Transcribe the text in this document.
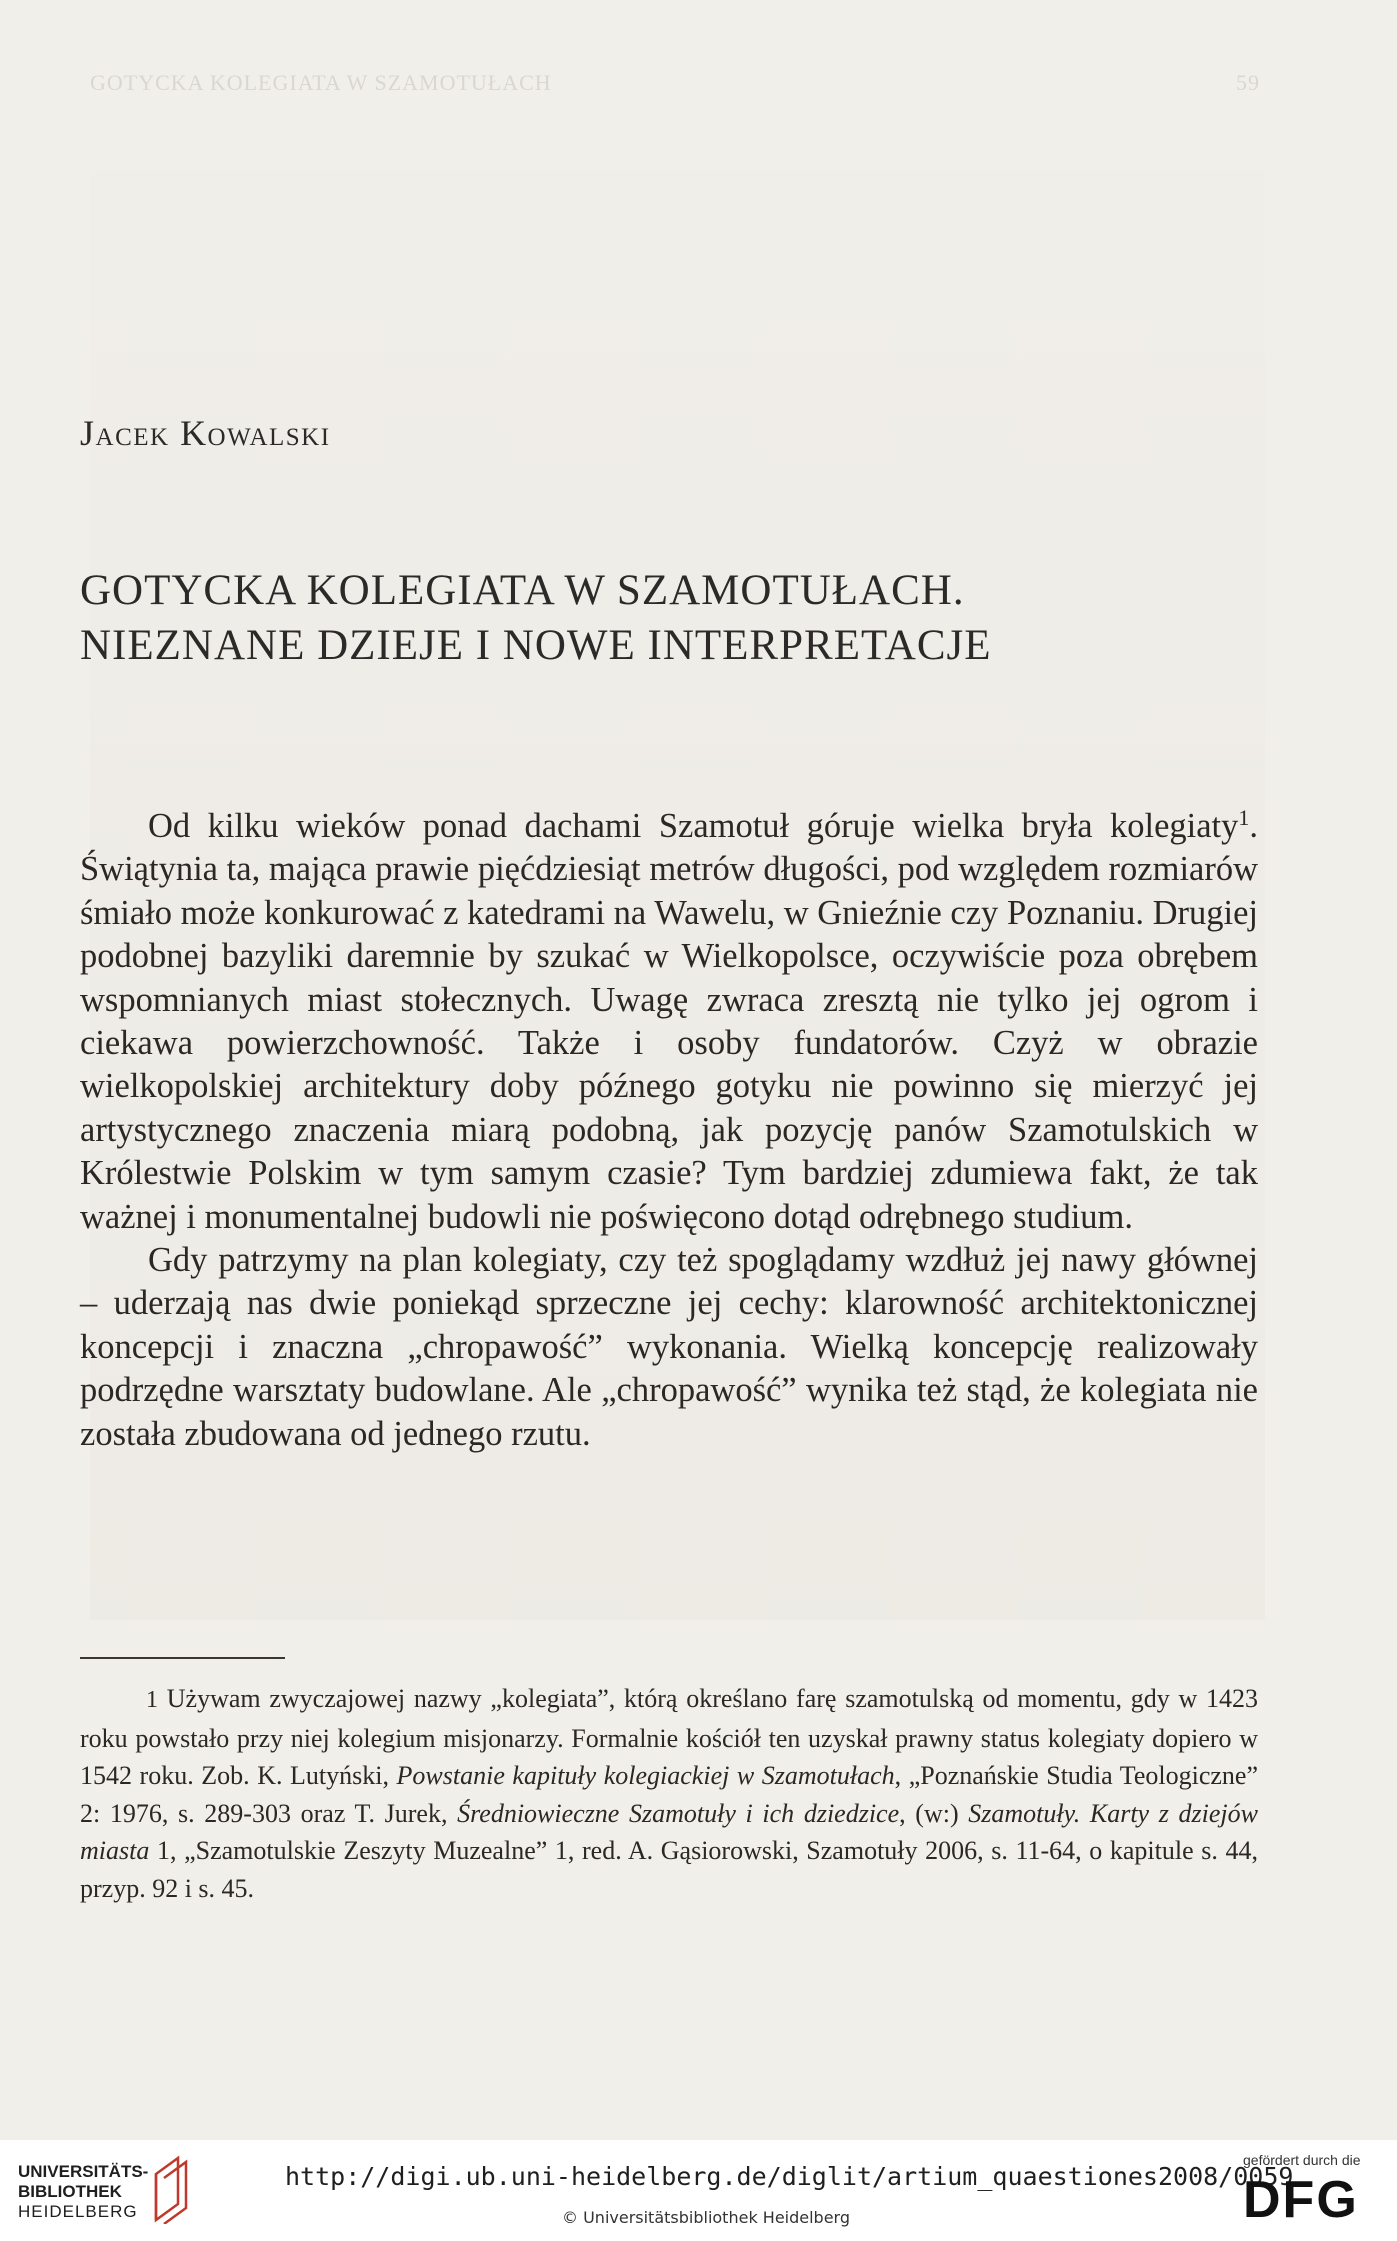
GOTYCKA KOLEGIATA W SZAMOTUŁACH	59
Jacek Kowalski
GOTYCKA KOLEGIATA W SZAMOTUŁACH.
NIEZNANE DZIEJE I NOWE INTERPRETACJE

Od kilku wieków ponad dachami Szamotuł góruje wielka bryła kolegiaty$^1$. Świątynia ta, mająca prawie pięćdziesiąt metrów długości, pod względem rozmiarów śmiało może konkurować z katedrami na Wawelu, w Gnieźnie czy Poznaniu. Drugiej podobnej bazyliki daremnie by szukać w Wielkopolsce, oczywiście poza obrębem wspomnianych miast stołecznych. Uwagę zwraca zresztą nie tylko jej ogrom i ciekawa powierzchowność. Także i osoby fundatorów. Czyż w obrazie wielkopolskiej architektury doby późnego gotyku nie powinno się mierzyć jej artystycznego znaczenia miarą podobną, jak pozycję panów Szamotulskich w Królestwie Polskim w tym samym czasie? Tym bardziej zdumiewa fakt, że tak ważnej i monumentalnej budowli nie poświęcono dotąd odrębnego studium.

Gdy patrzymy na plan kolegiaty, czy też spoglądamy wzdłuż jej nawy głównej – uderzają nas dwie poniekąd sprzeczne jej cechy: klarowność architektonicznej koncepcji i znaczna „chropawość” wykonania. Wielką koncepcję realizowały podrzędne warsztaty budowlane. Ale „chropawość” wynika też stąd, że kolegiata nie została zbudowana od jednego rzutu.

1 Używam zwyczajowej nazwy „kolegiata”, którą określano farę szamotulską od momentu, gdy w 1423 roku powstało przy niej kolegium misjonarzy. Formalnie kościół ten uzyskał prawny status kolegiaty dopiero w 1542 roku. Zob. K. Lutyński, Powstanie kapituły kolegiackiej w Szamotułach, „Poznańskie Studia Teologiczne” 2: 1976, s. 289-303 oraz T. Jurek, Średniowieczne Szamotuły i ich dziedzice, (w:) Szamotuły. Karty z dziejów miasta 1, „Szamotulskie Zeszyty Muzealne” 1, red. A. Gąsiorowski, Szamotuły 2006, s. 11-64, o kapitule s. 44, przyp. 92 i s. 45.

UNIVERSITÄTS-
BIBLIOTHEK
HEIDELBERG
http://digi.ub.uni-heidelberg.de/diglit/artium_quaestiones2008/0059
© Universitätsbibliothek Heidelberg
gefördert durch die
DFG
